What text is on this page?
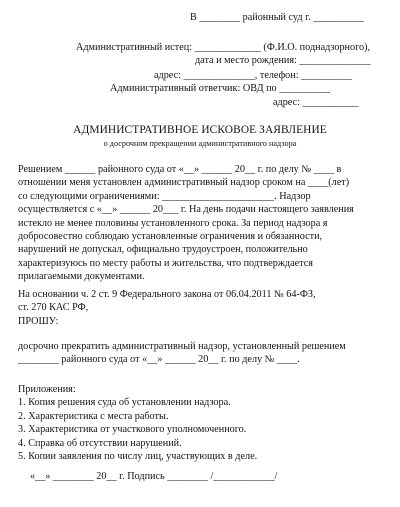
В ________ районный суд г. __________
Административный истец: _____________ (Ф.И.О. поднадзорного),
дата и место рождения: ______________
адрес: ______________, телефон: __________
Административный ответчик: ОВД по __________
адрес: ___________
АДМИНИСТРАТИВНОЕ ИСКОВОЕ ЗАЯВЛЕНИЕ
о досрочном прекращении административного надзора
Решением ______ районного суда от «__» ______ 20__ г. по делу № ____ в
отношении меня установлен административный надзор сроком на ____(лет)
со следующими ограничениями: ______________________. Надзор
осуществляется с «__» ______ 20___ г. На день подачи настоящего заявления
истекло не менее половины установленного срока. За период надзора я
добросовестно соблюдаю установленные ограничения и обязанности,
нарушений не допускал, официально трудоустроен, положительно
характеризуюсь по месту работы и жительства, что подтверждается
прилагаемыми документами.
На основании ч. 2 ст. 9 Федерального закона от 06.04.2011 № 64-ФЗ,
ст. 270 КАС РФ,
ПРОШУ:
досрочно прекратить административный надзор, установленный решением
________ районного суда от «__» ______ 20__ г. по делу № ____.
Приложения:
1. Копия решения суда об установлении надзора.
2. Характеристика с места работы.
3. Характеристика от участкового уполномоченного.
4. Справка об отсутствии нарушений.
5. Копии заявления по числу лиц, участвующих в деле.
«__» ________ 20__ г. Подпись ________ /____________/
